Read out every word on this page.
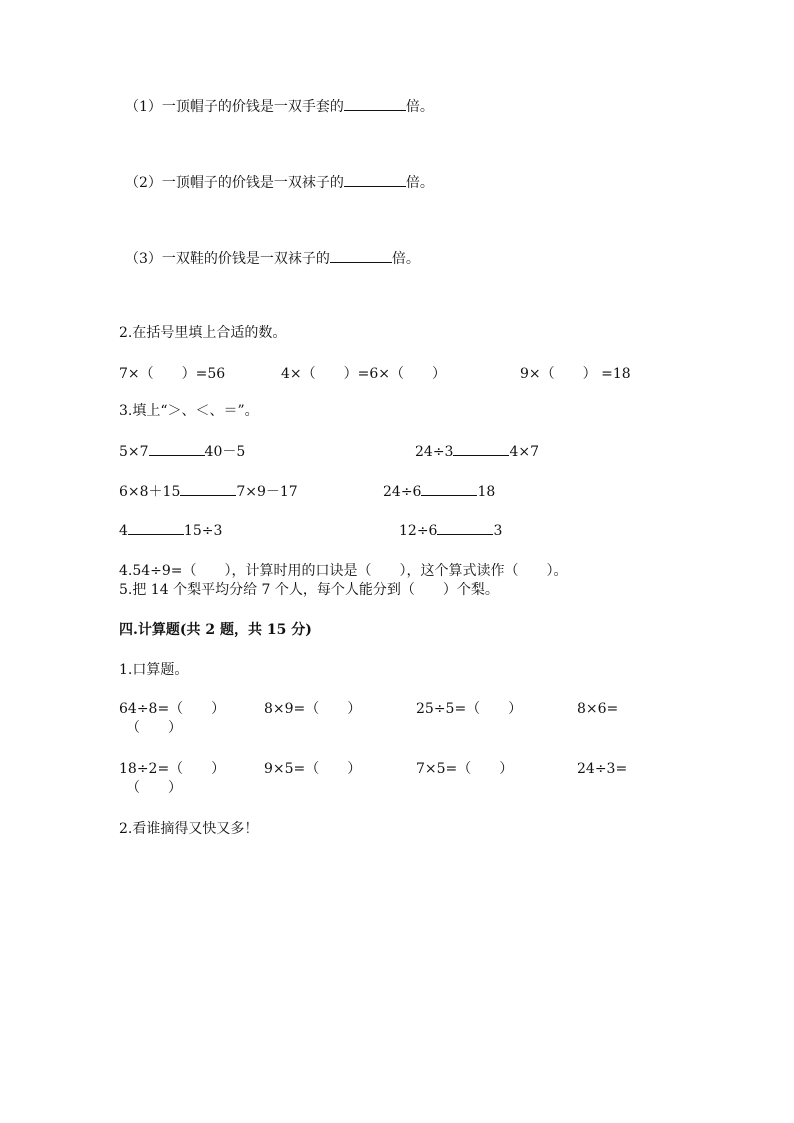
（1）一顶帽子的价钱是一双手套的	倍。
（2）一顶帽子的价钱是一双袜子的	倍。
（3）一双鞋的价钱是一双袜子的	倍。
2.在括号里填上合适的数。
7×（　　）=56	4×（　　）=6×（　　）	9×（　　） =18
3.填上“＞、＜、＝”。
5×7	40－5	24÷3	4×7
6×8＋15	7×9－17	24÷6	18
4	15÷3	12÷6	3
4.54÷9=（　　），计算时用的口诀是（　　），这个算式读作（　　）。
5.把 14 个梨平均分给 7 个人，每个人能分到（　　）个梨。
四.计算题(共 2 题，共 15 分)
1.口算题。
64÷8=（　　）	8×9=（　　）	25÷5=（　　）	8×6=
（　　）
18÷2=（　　）	9×5=（　　）	7×5=（　　）	24÷3=
（　　）
2.看谁摘得又快又多！
